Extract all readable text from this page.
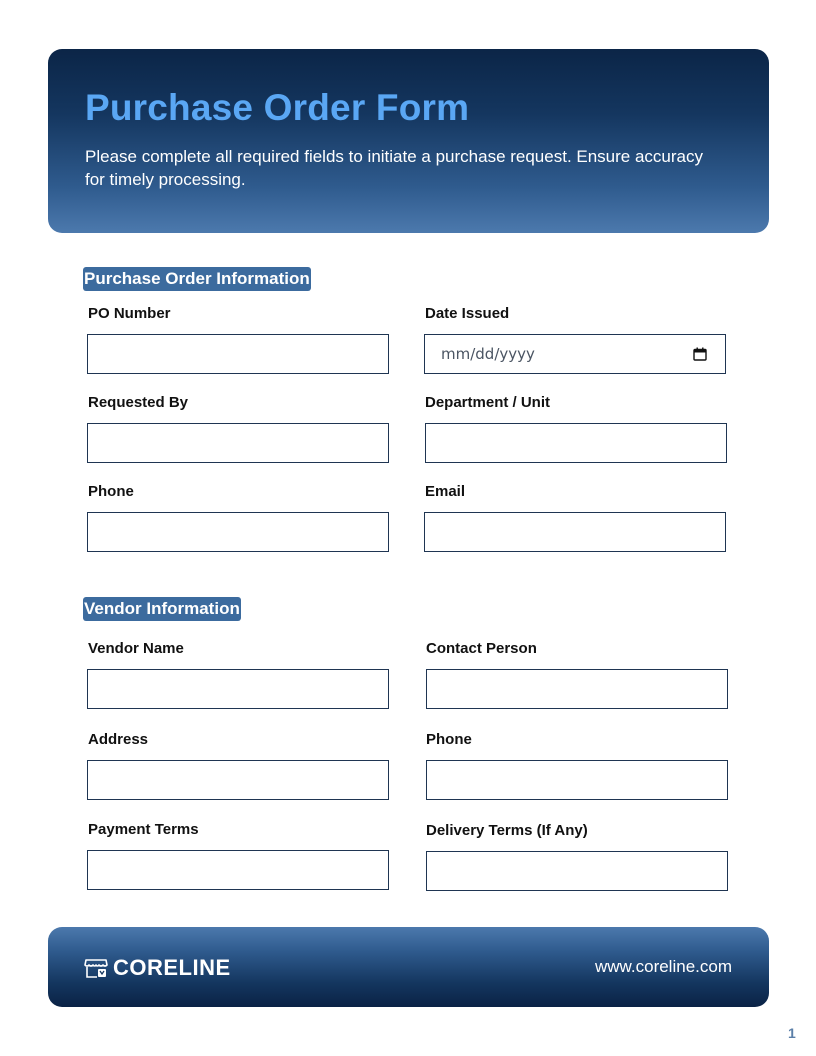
Purchase Order Form

Please complete all required fields to initiate a purchase request. Ensure accuracy for timely processing.

Purchase Order Information
PO Number	Date Issued
mm/dd/yyyy
Requested By	Department / Unit
Phone	Email
Vendor Information
Vendor Name	Contact Person
Address	Phone
Payment Terms	Delivery Terms (If Any)
CORELINE	www.coreline.com
1
